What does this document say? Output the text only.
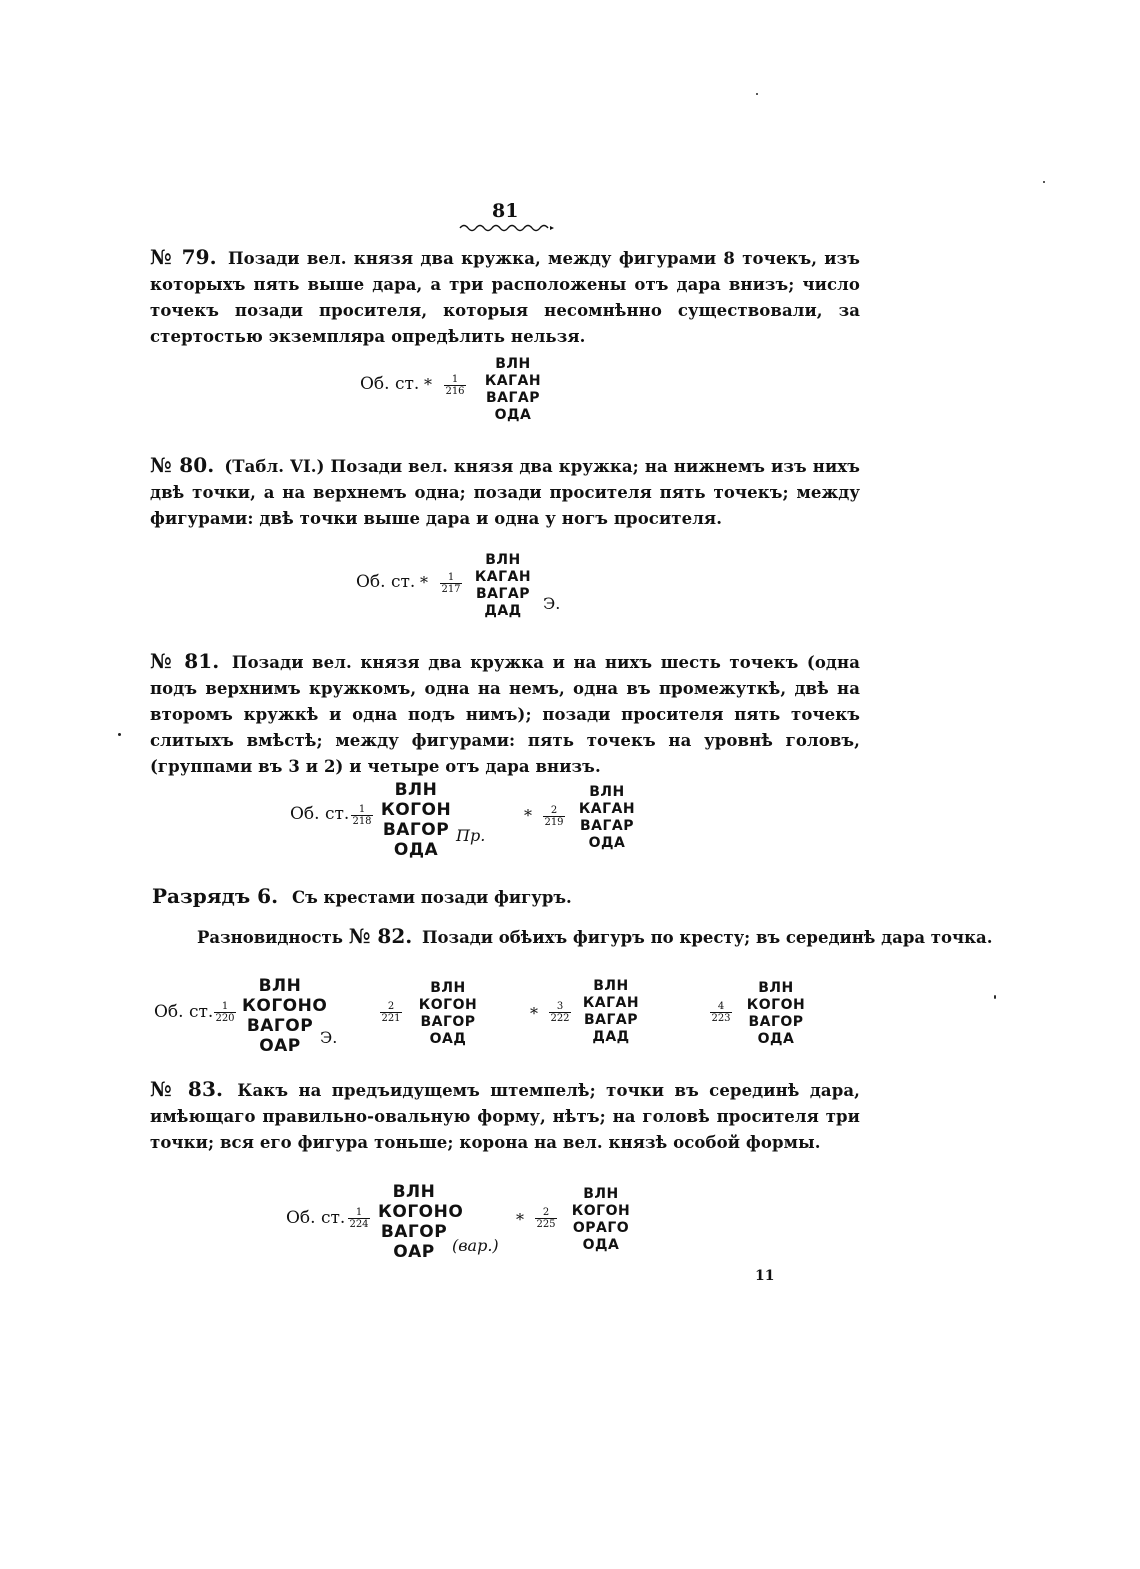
81
№ 79. Позади вел. князя два кружка, между фигурами 8 точекъ, изъ которыхъ пять выше дара, а три расположены отъ дара внизъ; число точекъ позади просителя, которыя несомнѣнно существовали, за стертостью экземпляра опредѣлить нельзя.
Об. ст. * $\frac{1}{216}$
ВЛН
КАГАН
ВАГАР
ОДА
№ 80. (Табл. VI.) Позади вел. князя два кружка; на нижнемъ изъ нихъ двѣ точки, а на верхнемъ одна; позади просителя пять точекъ; между фигурами: двѣ точки выше дара и одна у ногъ просителя.
Об. ст. * $\frac{1}{217}$
ВЛН
КАГАН
ВАГАР
ДАД	Э.
№ 81. Позади вел. князя два кружка и на нихъ шесть точекъ (одна подъ верхнимъ кружкомъ, одна на немъ, одна въ промежуткѣ, двѣ на второмъ кружкѣ и одна подъ нимъ); позади просителя пять точекъ слитыхъ вмѣстѣ; между фигурами: пять точекъ на уровнѣ головъ, (группами въ 3 и 2) и четыре отъ дара внизъ.
Об. ст. $\frac{1}{218}$
ВЛН
КОГОН
ВАГОР
ОДА
Пр.
* $\frac{2}{219}$
ВЛН
КАГАН
ВАГАР
ОДА
Разрядъ 6. Съ крестами позади фигуръ.
Разновидность № 82. Позади обѣихъ фигуръ по кресту; въ серединѣ дара точка.
Об. ст. $\frac{1}{220}$
ВЛН
КОГОНО
ВАГОР
ОАР	Э.
$\frac{2}{221}$
ВЛН
КОГОН
ВАГОР
ОАД
* $\frac{3}{222}$
ВЛН
КАГАН
ВАГАР
ДАД
$\frac{4}{223}$
ВЛН
КОГОН
ВАГОР
ОДА
№ 83. Какъ на предъидущемъ штемпелѣ; точки въ серединѣ дара, имѣющаго правильно-овальную форму, нѣтъ; на головѣ просителя три точки; вся его фигура тоньше; корона на вел. князѣ особой формы.
Об. ст. $\frac{1}{224}$
ВЛН
КОГОНО
ВАГОР
ОАР	(вар.)
* $\frac{2}{225}$
ВЛН
КОГОН
ОРАГО
ОДА
11
